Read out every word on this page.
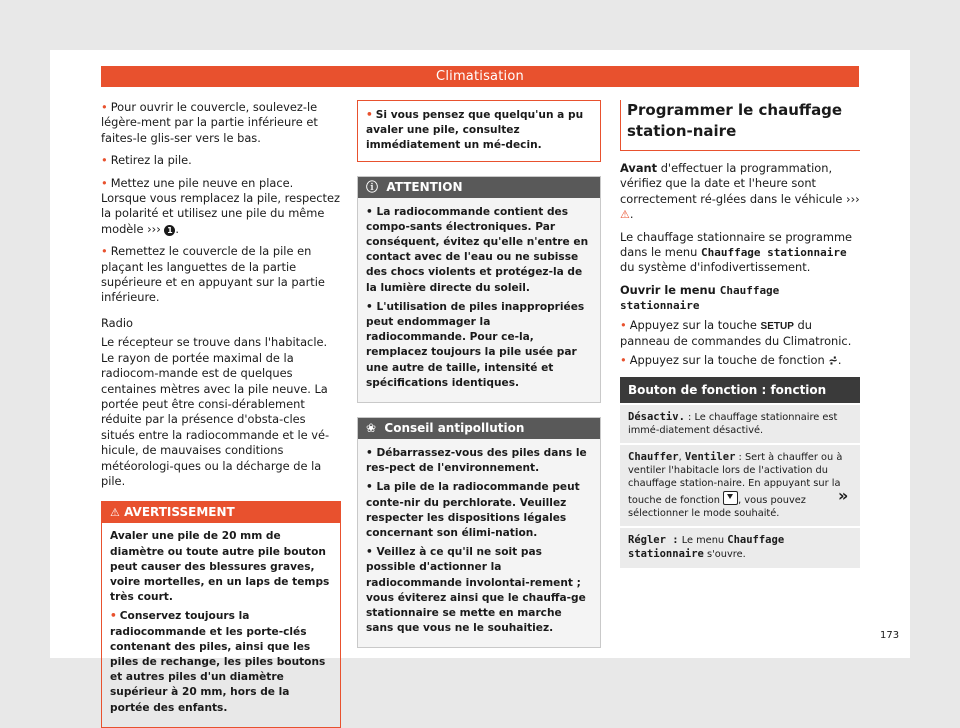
Climatisation

• Pour ouvrir le couvercle, soulevez-le légère-ment par la partie inférieure et faites-le glis-ser vers le bas.

• Retirez la pile.

• Mettez une pile neuve en place. Lorsque vous remplacez la pile, respectez la polarité et utilisez une pile du même modèle ››› 1 .

• Remettez le couvercle de la pile en plaçant les languettes de la partie supérieure et en appuyant sur la partie inférieure.

Radio

Le récepteur se trouve dans l'habitacle. Le rayon de portée maximal de la radiocom-mande est de quelques centaines mètres avec la pile neuve. La portée peut être consi-dérablement réduite par la présence d'obsta-cles situés entre la radiocommande et le vé-hicule, de mauvaises conditions météorologi-ques ou la décharge de la pile.

⚠ AVERTISSEMENT

Avaler une pile de 20 mm de diamètre ou toute autre pile bouton peut causer des blessures graves, voire mortelles, en un laps de temps très court.

• Conservez toujours la radiocommande et les porte-clés contenant des piles, ainsi que les piles de rechange, les piles boutons et autres piles d'un diamètre supérieur à 20 mm, hors de la portée des enfants.

• Si vous pensez que quelqu'un a pu avaler une pile, consultez immédiatement un mé-decin.

ⓘ ATTENTION

• La radiocommande contient des compo-sants électroniques. Par conséquent, évitez qu'elle n'entre en contact avec de l'eau ou ne subisse des chocs violents et protégez-la de la lumière directe du soleil.

• L'utilisation de piles inappropriées peut endommager la radiocommande. Pour ce-la, remplacez toujours la pile usée par une autre de taille, intensité et spécifications identiques.

❀ Conseil antipollution

• Débarrassez-vous des piles dans le res-pect de l'environnement.

• La pile de la radiocommande peut conte-nir du perchlorate. Veuillez respecter les dispositions légales concernant son élimi-nation.

• Veillez à ce qu'il ne soit pas possible d'actionner la radiocommande involontai-rement ; vous éviterez ainsi que le chauffa-ge stationnaire se mette en marche sans que vous ne le souhaitiez.

Programmer le chauffage station-naire

Avant d'effectuer la programmation, vérifiez que la date et l'heure sont correctement ré-glées dans le véhicule ››› ⚠.

Le chauffage stationnaire se programme dans le menu Chauffage stationnaire du système d'infodivertissement.

Ouvrir le menu Chauffage stationnaire

• Appuyez sur la touche SETUP du panneau de commandes du Climatronic.

• Appuyez sur la touche de fonction ⩫.

Bouton de fonction : fonction
Désactiv. : Le chauffage stationnaire est immé-diatement désactivé.
Chauffer, Ventiler : Sert à chauffer ou à ventiler l'habitacle lors de l'activation du chauffage station-naire. En appuyant sur la touche de fonction , vous pouvez sélectionner le mode souhaité.
Régler : Le menu Chauffage stationnaire s'ouvre.
»
173
